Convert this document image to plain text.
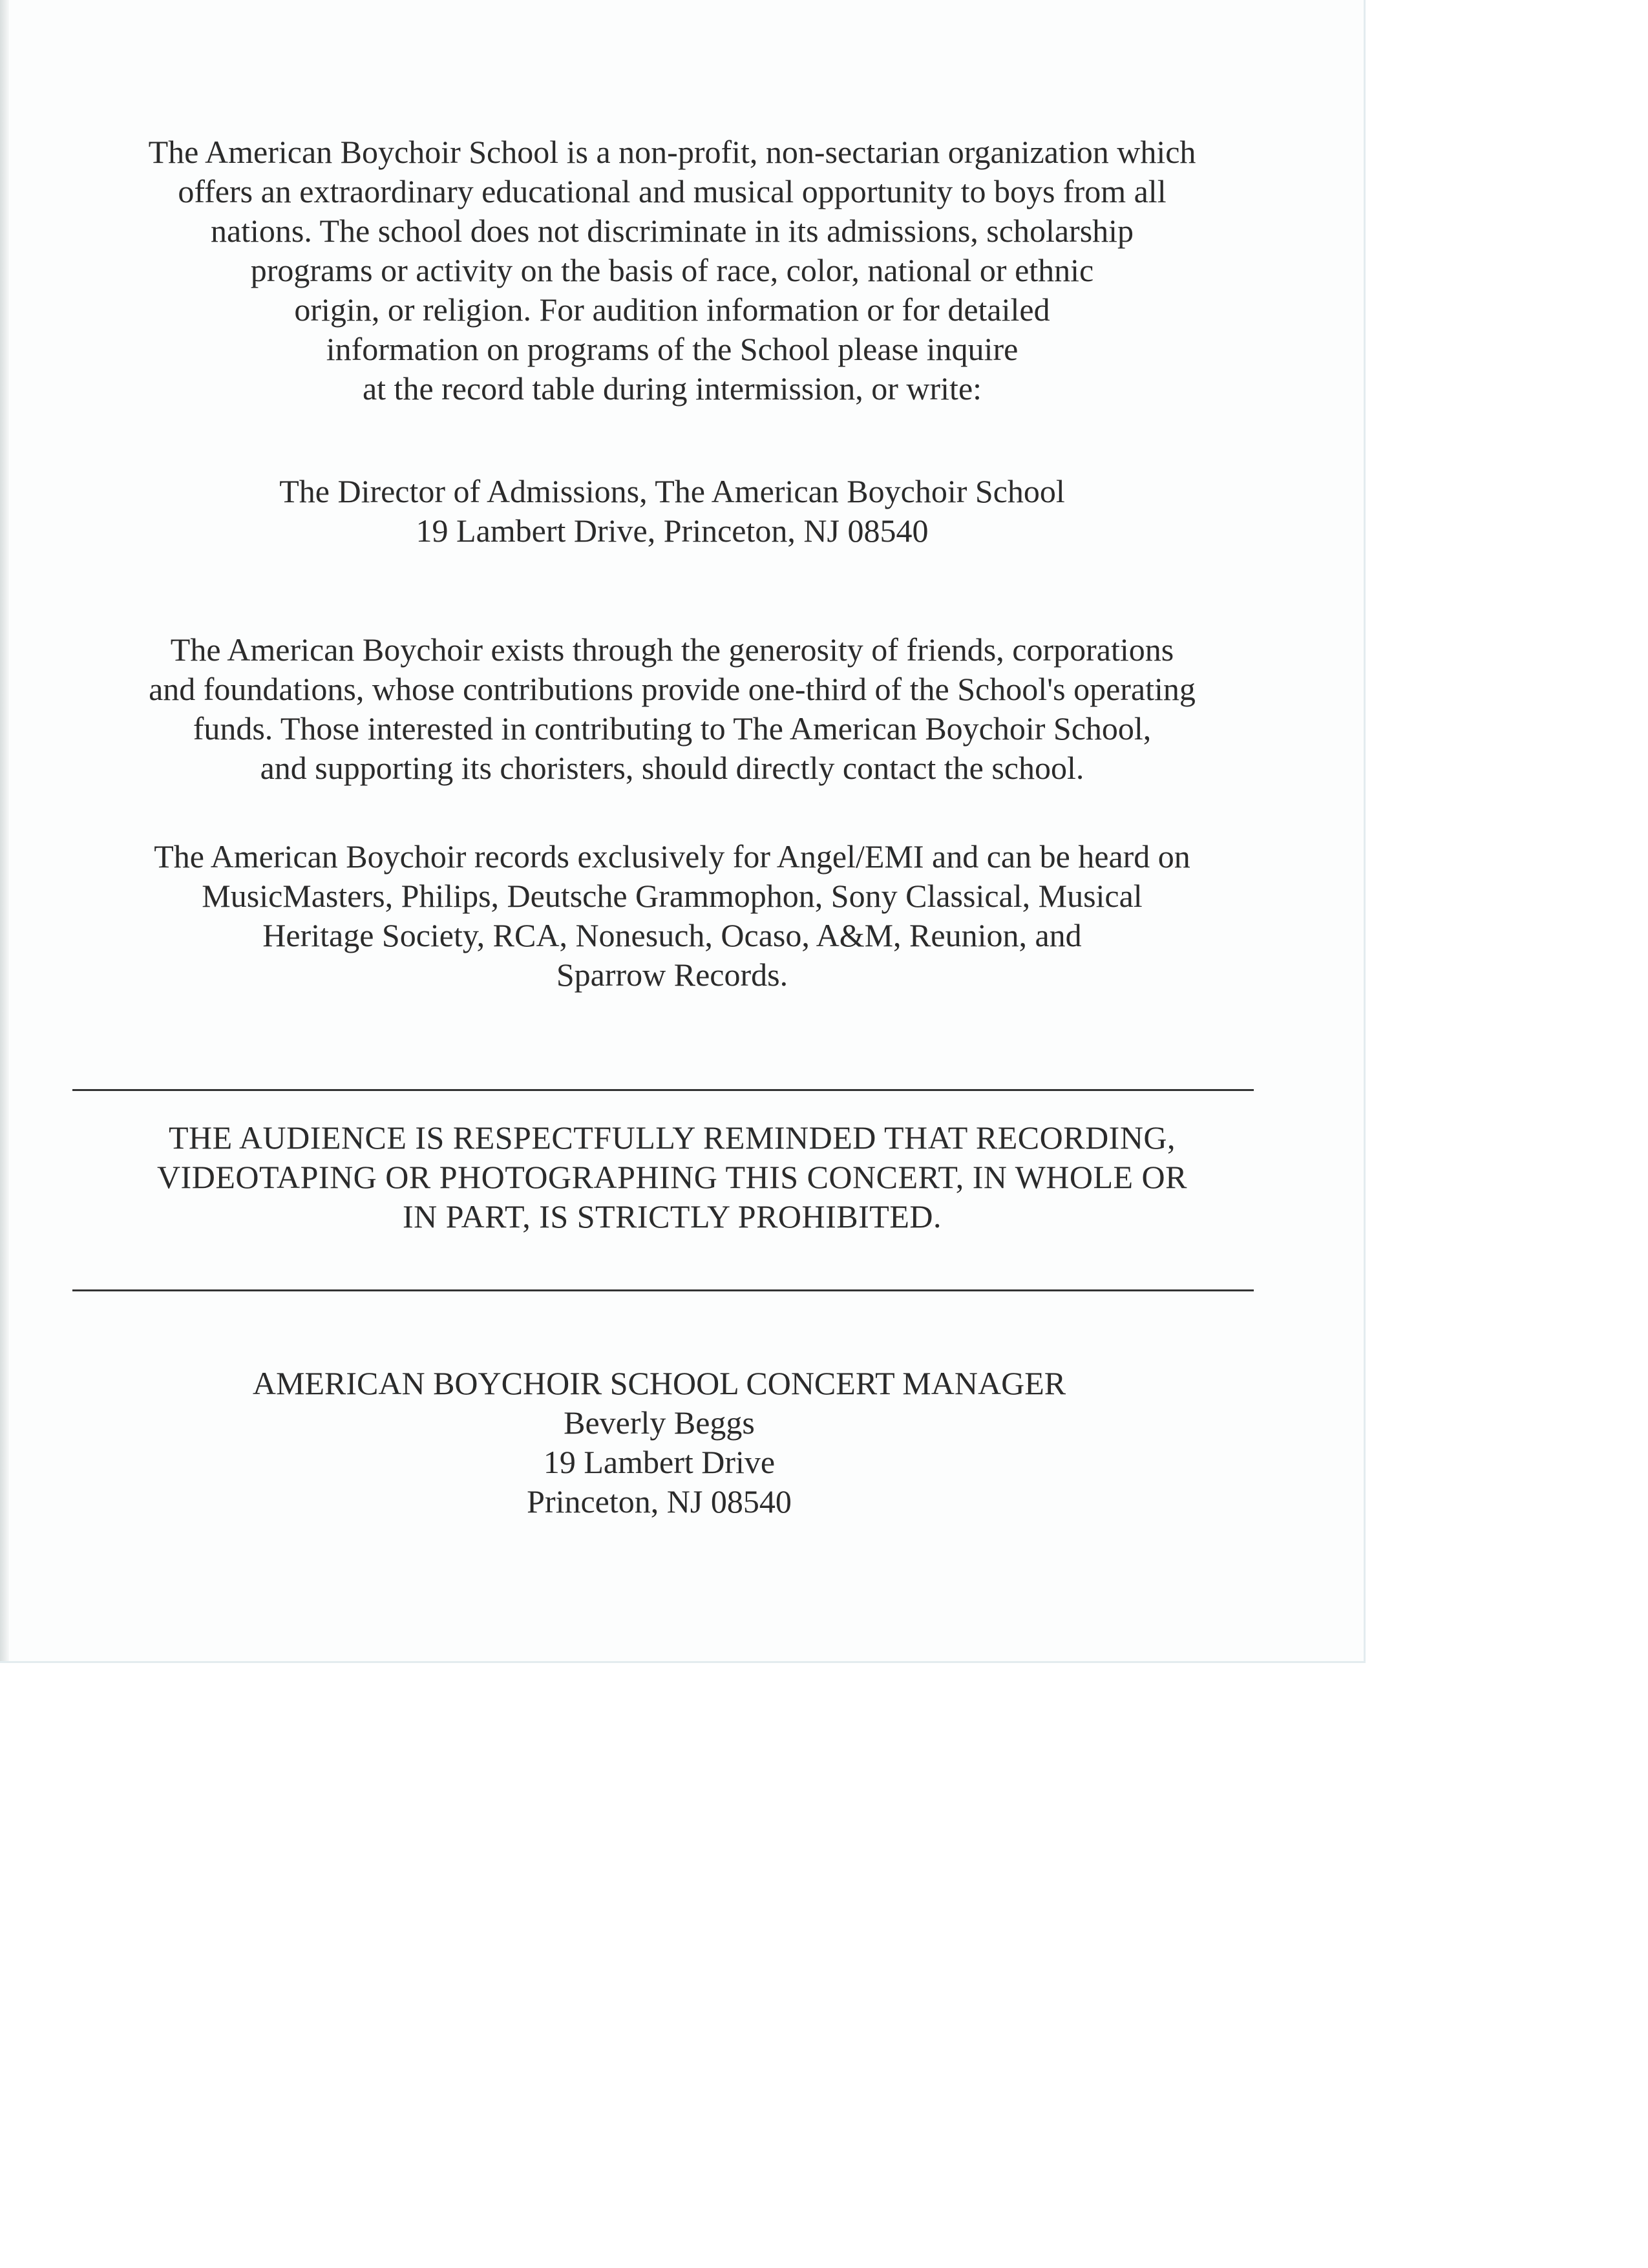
The American Boychoir School is a non-profit, non-sectarian organization which
offers an extraordinary educational and musical opportunity to boys from all
nations. The school does not discriminate in its admissions, scholarship
programs or activity on the basis of race, color, national or ethnic
origin, or religion. For audition information or for detailed
information on programs of the School please inquire
at the record table during intermission, or write:
The Director of Admissions, The American Boychoir School
19 Lambert Drive, Princeton, NJ 08540
The American Boychoir exists through the generosity of friends, corporations
and foundations, whose contributions provide one-third of the School's operating
funds. Those interested in contributing to The American Boychoir School,
and supporting its choristers, should directly contact the school.
The American Boychoir records exclusively for Angel/EMI and can be heard on
MusicMasters, Philips, Deutsche Grammophon, Sony Classical, Musical
Heritage Society, RCA, Nonesuch, Ocaso, A&M, Reunion, and
Sparrow Records.
THE AUDIENCE IS RESPECTFULLY REMINDED THAT RECORDING,
VIDEOTAPING OR PHOTOGRAPHING THIS CONCERT, IN WHOLE OR
IN PART, IS STRICTLY PROHIBITED.
AMERICAN BOYCHOIR SCHOOL CONCERT MANAGER
Beverly Beggs
19 Lambert Drive
Princeton, NJ 08540
